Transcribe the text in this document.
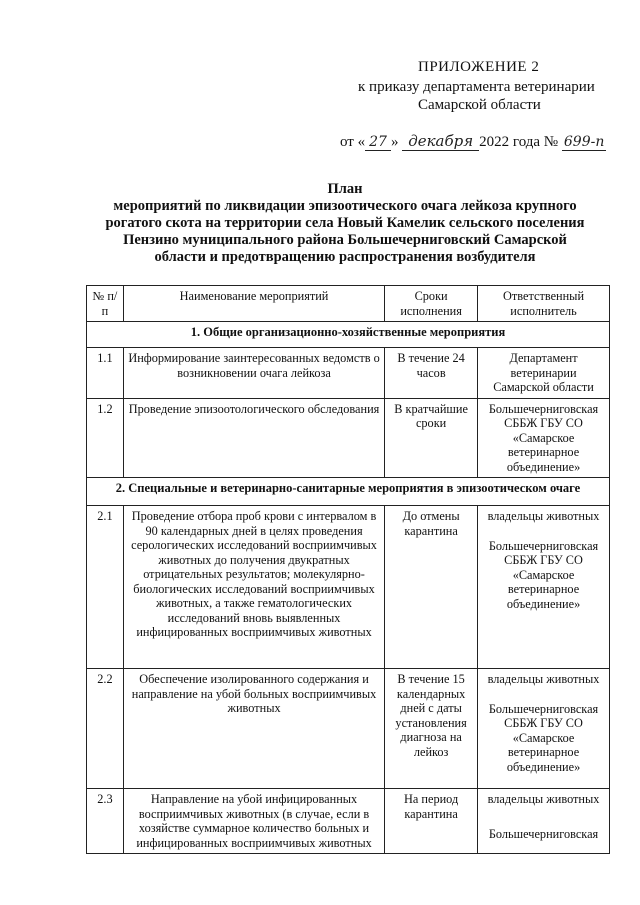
ПРИЛОЖЕНИЕ 2
к приказу департамента ветеринарии
Самарской области
от « 27 » декабря 2022 года № 699-п
План
мероприятий по ликвидации эпизоотического очага лейкоза крупного
рогатого скота на территории села Новый Камелик сельского поселения
Пензино муниципального района Большечерниговский Самарской
области и предотвращению распространения возбудителя
№ п/п	Наименование мероприятий	Сроки исполнения	Ответственный исполнитель
1. Общие организационно-хозяйственные мероприятия			
1.1	Информирование заинтересованных ведомств о возникновении очага лейкоза	В течение 24 часов	Департамент ветеринарии Самарской области
1.2	Проведение эпизоотологического обследования	В кратчайшие сроки	Большечерниговская СББЖ ГБУ СО «Самарское ветеринарное объединение»
2. Специальные и ветеринарно-санитарные мероприятия в эпизоотическом очаге			
2.1	Проведение отбора проб крови с интервалом в 90 календарных дней в целях проведения серологических исследований восприимчивых животных до получения двукратных отрицательных результатов; молекулярно-биологических исследований восприимчивых животных, а также гематологических исследований вновь выявленных инфицированных восприимчивых животных	До отмены карантина	владельцы животных
Большечерниговская СББЖ ГБУ СО «Самарское ветеринарное объединение»
2.2	Обеспечение изолированного содержания и направление на убой больных восприимчивых животных	В течение 15 календарных дней с даты установления диагноза на лейкоз	владельцы животных
Большечерниговская СББЖ ГБУ СО «Самарское ветеринарное объединение»
2.3	Направление на убой инфицированных восприимчивых животных (в случае, если в хозяйстве суммарное количество больных и инфицированных восприимчивых животных	На период карантина	владельцы животных
Большечерниговская
